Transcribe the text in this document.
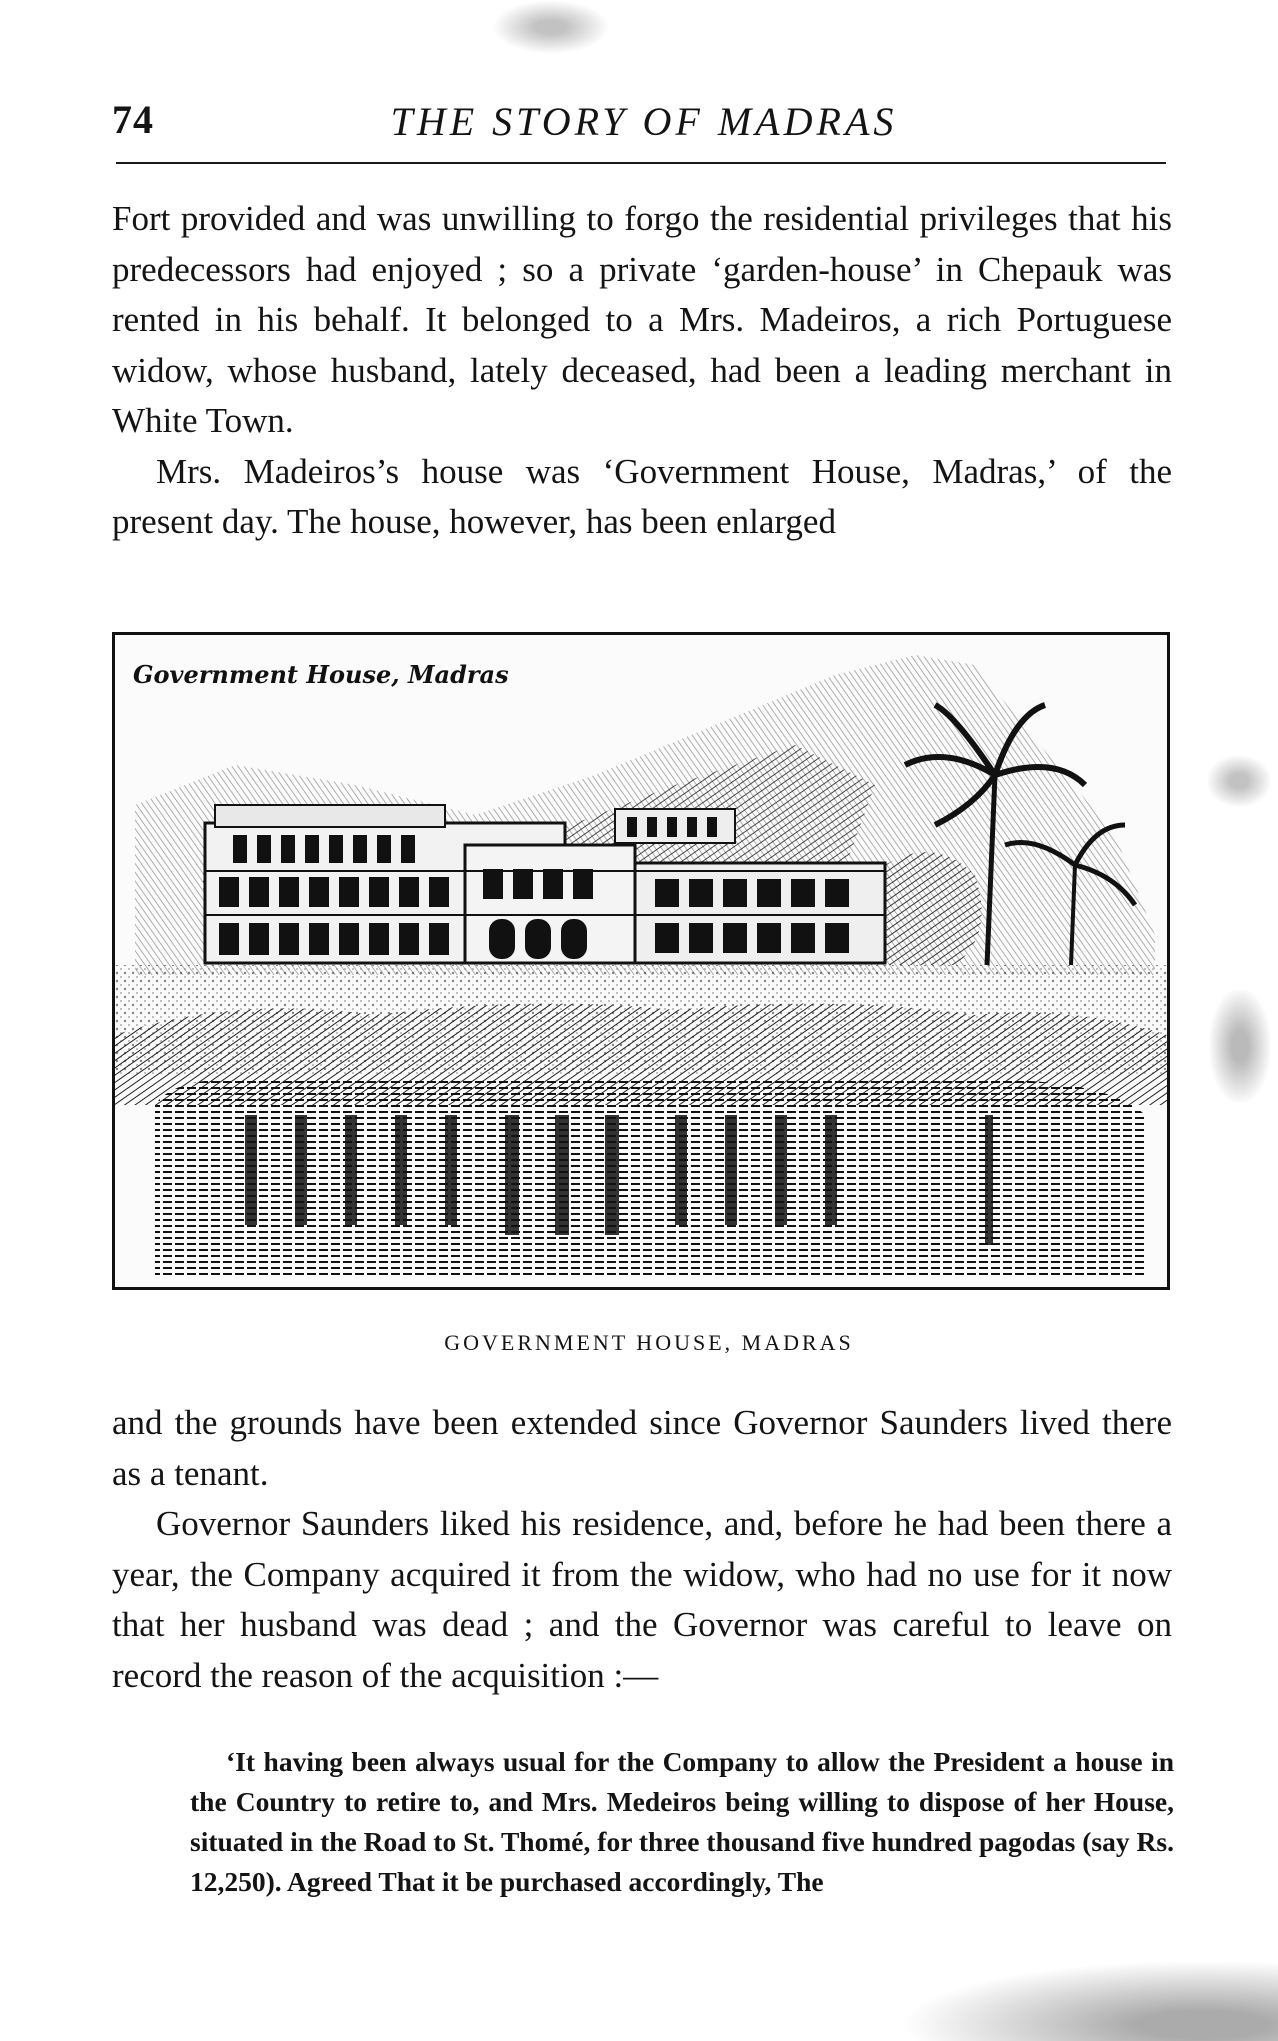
74	THE STORY OF MADRAS

Fort provided and was unwilling to forgo the residential privileges that his predecessors had enjoyed ; so a private ‘garden-house’ in Chepauk was rented in his behalf. It belonged to a Mrs. Madeiros, a rich Portuguese widow, whose husband, lately deceased, had been a leading merchant in White Town.

Mrs. Madeiros’s house was ‘Government House, Madras,’ of the present day. The house, however, has been enlarged

Government House, Madras
GOVERNMENT HOUSE, MADRAS

and the grounds have been extended since Governor Saunders lived there as a tenant.

Governor Saunders liked his residence, and, before he had been there a year, the Company acquired it from the widow, who had no use for it now that her husband was dead ; and the Governor was careful to leave on record the reason of the acquisition :—

‘It having been always usual for the Company to allow the President a house in the Country to retire to, and Mrs. Medeiros being willing to dispose of her House, situated in the Road to St. Thomé, for three thousand five hundred pagodas (say Rs. 12,250). Agreed That it be purchased accordingly, The
